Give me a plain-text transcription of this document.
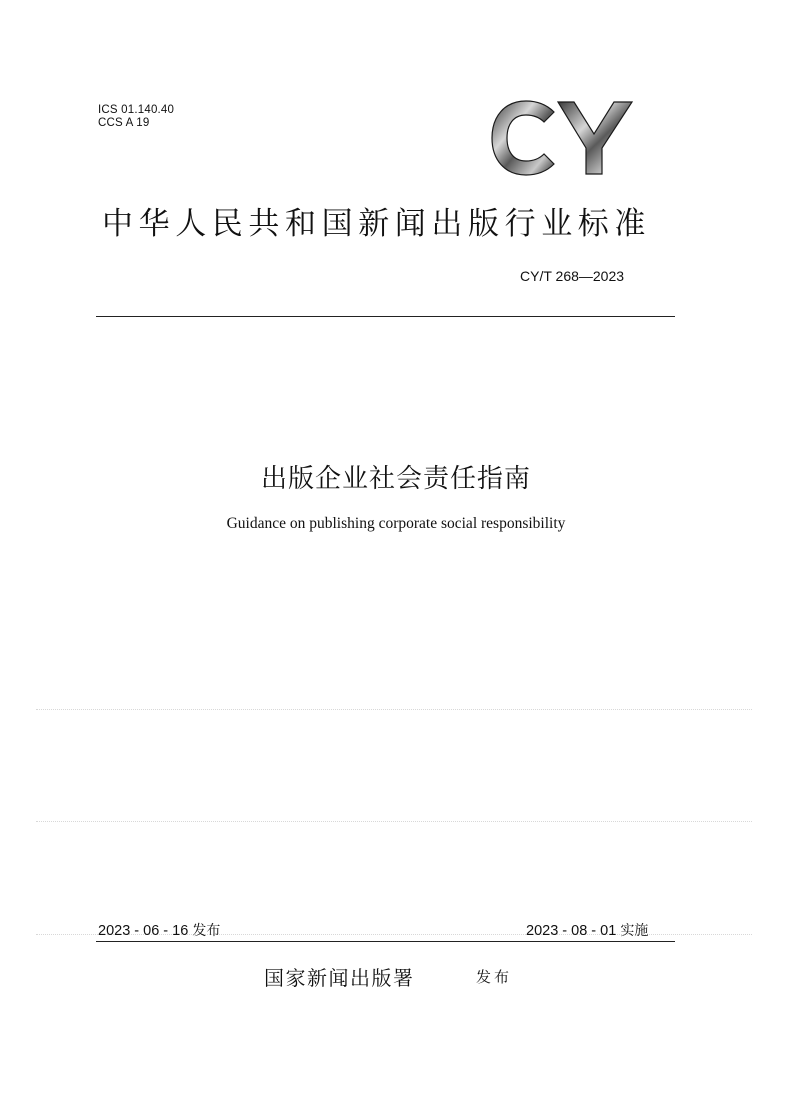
ICS 01.140.40
CCS A 19
中华人民共和国新闻出版行业标准
CY/T 268—2023
出版企业社会责任指南
Guidance on publishing corporate social responsibility
2023 - 06 - 16 发布	2023 - 08 - 01 实施
国家新闻出版署	发布
